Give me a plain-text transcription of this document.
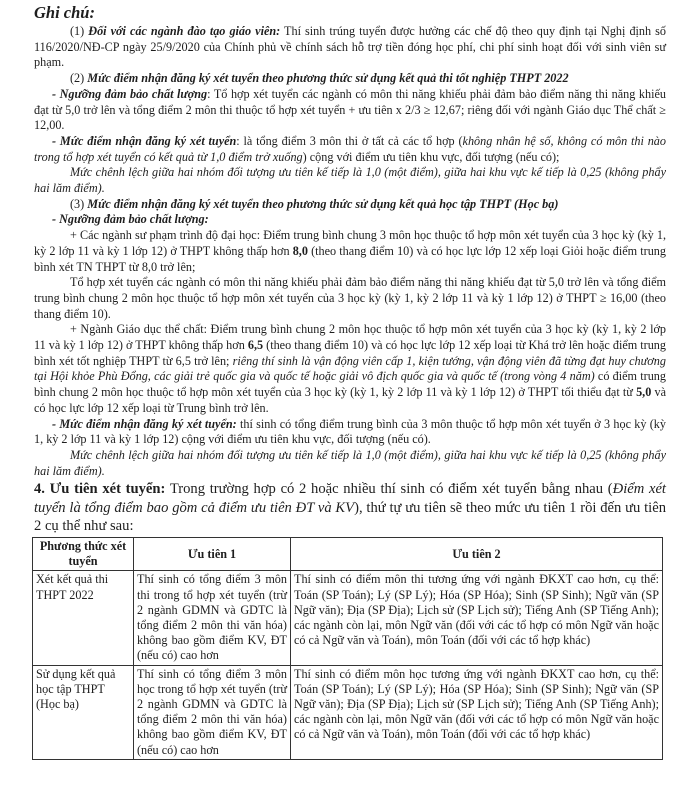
Ghi chú:

(1) Đối với các ngành đào tạo giáo viên: Thí sinh trúng tuyển được hưởng các chế độ theo quy định tại Nghị định số 116/2020/NĐ-CP ngày 25/9/2020 của Chính phủ về chính sách hỗ trợ tiền đóng học phí, chi phí sinh hoạt đối với sinh viên sư phạm.

(2) Mức điểm nhận đăng ký xét tuyển theo phương thức sử dụng kết quả thi tốt nghiệp THPT 2022

- Ngưỡng đảm bảo chất lượng: Tổ hợp xét tuyển các ngành có môn thi năng khiếu phải đảm bảo điểm năng thi năng khiếu đạt từ 5,0 trở lên và tổng điểm 2 môn thi thuộc tổ hợp xét tuyển + ưu tiên x 2/3 ≥ 12,67; riêng đối với ngành Giáo dục Thể chất ≥ 12,00.

- Mức điểm nhận đăng ký xét tuyển: là tổng điểm 3 môn thi ở tất cả các tổ hợp (không nhân hệ số, không có môn thi nào trong tổ hợp xét tuyển có kết quả từ 1,0 điểm trở xuống) cộng với điểm ưu tiên khu vực, đối tượng (nếu có);

Mức chênh lệch giữa hai nhóm đối tượng ưu tiên kế tiếp là 1,0 (một điểm), giữa hai khu vực kế tiếp là 0,25 (không phẩy hai lăm điểm).

(3) Mức điểm nhận đăng ký xét tuyển theo phương thức sử dụng kết quả học tập THPT (Học bạ)

- Ngưỡng đảm bảo chất lượng:

+ Các ngành sư phạm trình độ đại học: Điểm trung bình chung 3 môn học thuộc tổ hợp môn xét tuyển của 3 học kỳ (kỳ 1, kỳ 2 lớp 11 và kỳ 1 lớp 12) ở THPT không thấp hơn 8,0 (theo thang điểm 10) và có học lực lớp 12 xếp loại Giỏi hoặc điểm trung bình xét TN THPT từ 8,0 trở lên;

Tổ hợp xét tuyển các ngành có môn thi năng khiếu phải đảm bảo điểm năng thi năng khiếu đạt từ 5,0 trở lên và tổng điểm trung bình chung 2 môn học thuộc tổ hợp môn xét tuyển của 3 học kỳ (kỳ 1, kỳ 2 lớp 11 và kỳ 1 lớp 12) ở THPT ≥ 16,00 (theo thang điểm 10).

+ Ngành Giáo dục thể chất: Điểm trung bình chung 2 môn học thuộc tổ hợp môn xét tuyển của 3 học kỳ (kỳ 1, kỳ 2 lớp 11 và kỳ 1 lớp 12) ở THPT không thấp hơn 6,5 (theo thang điểm 10) và có học lực lớp 12 xếp loại từ Khá trở lên hoặc điểm trung bình xét tốt nghiệp THPT từ 6,5 trở lên; riêng thí sinh là vận động viên cấp 1, kiện tướng, vận động viên đã từng đạt huy chương tại Hội khỏe Phù Đổng, các giải trẻ quốc gia và quốc tế hoặc giải vô địch quốc gia và quốc tế (trong vòng 4 năm) có điểm trung bình chung 2 môn học thuộc tổ hợp môn xét tuyển của 3 học kỳ (kỳ 1, kỳ 2 lớp 11 và kỳ 1 lớp 12) ở THPT tối thiểu đạt từ 5,0 và có học lực lớp 12 xếp loại từ Trung bình trở lên.

- Mức điểm nhận đăng ký xét tuyển: thí sinh có tổng điểm trung bình của 3 môn thuộc tổ hợp môn xét tuyển ở 3 học kỳ (kỳ 1, kỳ 2 lớp 11 và kỳ 1 lớp 12) cộng với điểm ưu tiên khu vực, đối tượng (nếu có).

Mức chênh lệch giữa hai nhóm đối tượng ưu tiên kế tiếp là 1,0 (một điểm), giữa hai khu vực kế tiếp là 0,25 (không phẩy hai lăm điểm).

4. Ưu tiên xét tuyển: Trong trường hợp có 2 hoặc nhiều thí sinh có điểm xét tuyển bằng nhau (Điểm xét tuyển là tổng điểm bao gồm cả điểm ưu tiên ĐT và KV), thứ tự ưu tiên sẽ theo mức ưu tiên 1 rồi đến ưu tiên 2 cụ thể như sau:

Phương thức xét tuyển	Ưu tiên 1	Ưu tiên 2
Xét kết quả thi THPT 2022	Thí sinh có tổng điểm 3 môn thi trong tổ hợp xét tuyển (trừ 2 ngành GDMN và GDTC là tổng điểm 2 môn thi văn hóa) không bao gồm điểm KV, ĐT (nếu có) cao hơn	Thí sinh có điểm môn thi tương ứng với ngành ĐKXT cao hơn, cụ thể: Toán (SP Toán); Lý (SP Lý); Hóa (SP Hóa); Sinh (SP Sinh); Ngữ văn (SP Ngữ văn); Địa (SP Địa); Lịch sử (SP Lịch sử); Tiếng Anh (SP Tiếng Anh); các ngành còn lại, môn Ngữ văn (đối với các tổ hợp có môn Ngữ văn hoặc có cả Ngữ văn và Toán), môn Toán (đối với các tổ hợp khác)
Sử dụng kết quả học tập THPT (Học bạ)	Thí sinh có tổng điểm 3 môn học trong tổ hợp xét tuyển (trừ 2 ngành GDMN và GDTC là tổng điểm 2 môn thi văn hóa) không bao gồm điểm KV, ĐT (nếu có) cao hơn	Thí sinh có điểm môn học tương ứng với ngành ĐKXT cao hơn, cụ thể: Toán (SP Toán); Lý (SP Lý); Hóa (SP Hóa); Sinh (SP Sinh); Ngữ văn (SP Ngữ văn); Địa (SP Địa); Lịch sử (SP Lịch sử); Tiếng Anh (SP Tiếng Anh); các ngành còn lại, môn Ngữ văn (đối với các tổ hợp có môn Ngữ văn hoặc có cả Ngữ văn và Toán), môn Toán (đối với các tổ hợp khác)
